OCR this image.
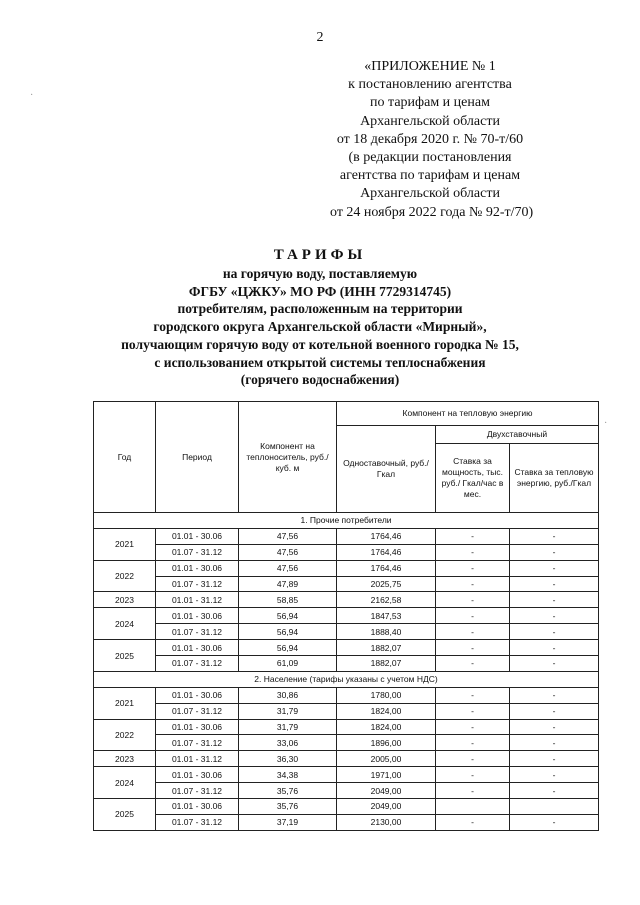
2
«ПРИЛОЖЕНИЕ № 1
к постановлению агентства
по тарифам и ценам
Архангельской области
от 18 декабря 2020 г. № 70-т/60
(в редакции постановления
агентства по тарифам и ценам
Архангельской области
от 24 ноября 2022 года № 92-т/70)
ТАРИФЫ
на горячую воду, поставляемую
ФГБУ «ЦЖКУ» МО РФ (ИНН 7729314745)
потребителям, расположенным на территории
городского округа Архангельской области «Мирный»,
получающим горячую воду от котельной военного городка № 15,
с использованием открытой системы теплоснабжения
(горячего водоснабжения)
Год	Период	Компонент на теплоноситель, руб./куб. м	Компонент на тепловую энергию		
			Одноставочный, руб./Гкал	Двухставочный	
				Ставка за мощность, тыс. руб./ Гкал/час в мес.	Ставка за тепловую энергию, руб./Гкал
1. Прочие потребители					
2021	01.01 - 30.06	47,56	1764,46	-	-
	01.07 - 31.12	47,56	1764,46	-	-
2022	01.01 - 30.06	47,56	1764,46	-	-
	01.07 - 31.12	47,89	2025,75	-	-
2023	01.01 - 31.12	58,85	2162,58	-	-
2024	01.01 - 30.06	56,94	1847,53	-	-
	01.07 - 31.12	56,94	1888,40	-	-
2025	01.01 - 30.06	56,94	1882,07	-	-
	01.07 - 31.12	61,09	1882,07	-	-
2. Население (тарифы указаны с учетом НДС)					
2021	01.01 - 30.06	30,86	1780,00	-	-
	01.07 - 31.12	31,79	1824,00	-	-
2022	01.01 - 30.06	31,79	1824,00	-	-
	01.07 - 31.12	33,06	1896,00	-	-
2023	01.01 - 31.12	36,30	2005,00	-	-
2024	01.01 - 30.06	34,38	1971,00	-	-
	01.07 - 31.12	35,76	2049,00	-	-
2025	01.01 - 30.06	35,76	2049,00		
	01.07 - 31.12	37,19	2130,00	-	-
·
·
